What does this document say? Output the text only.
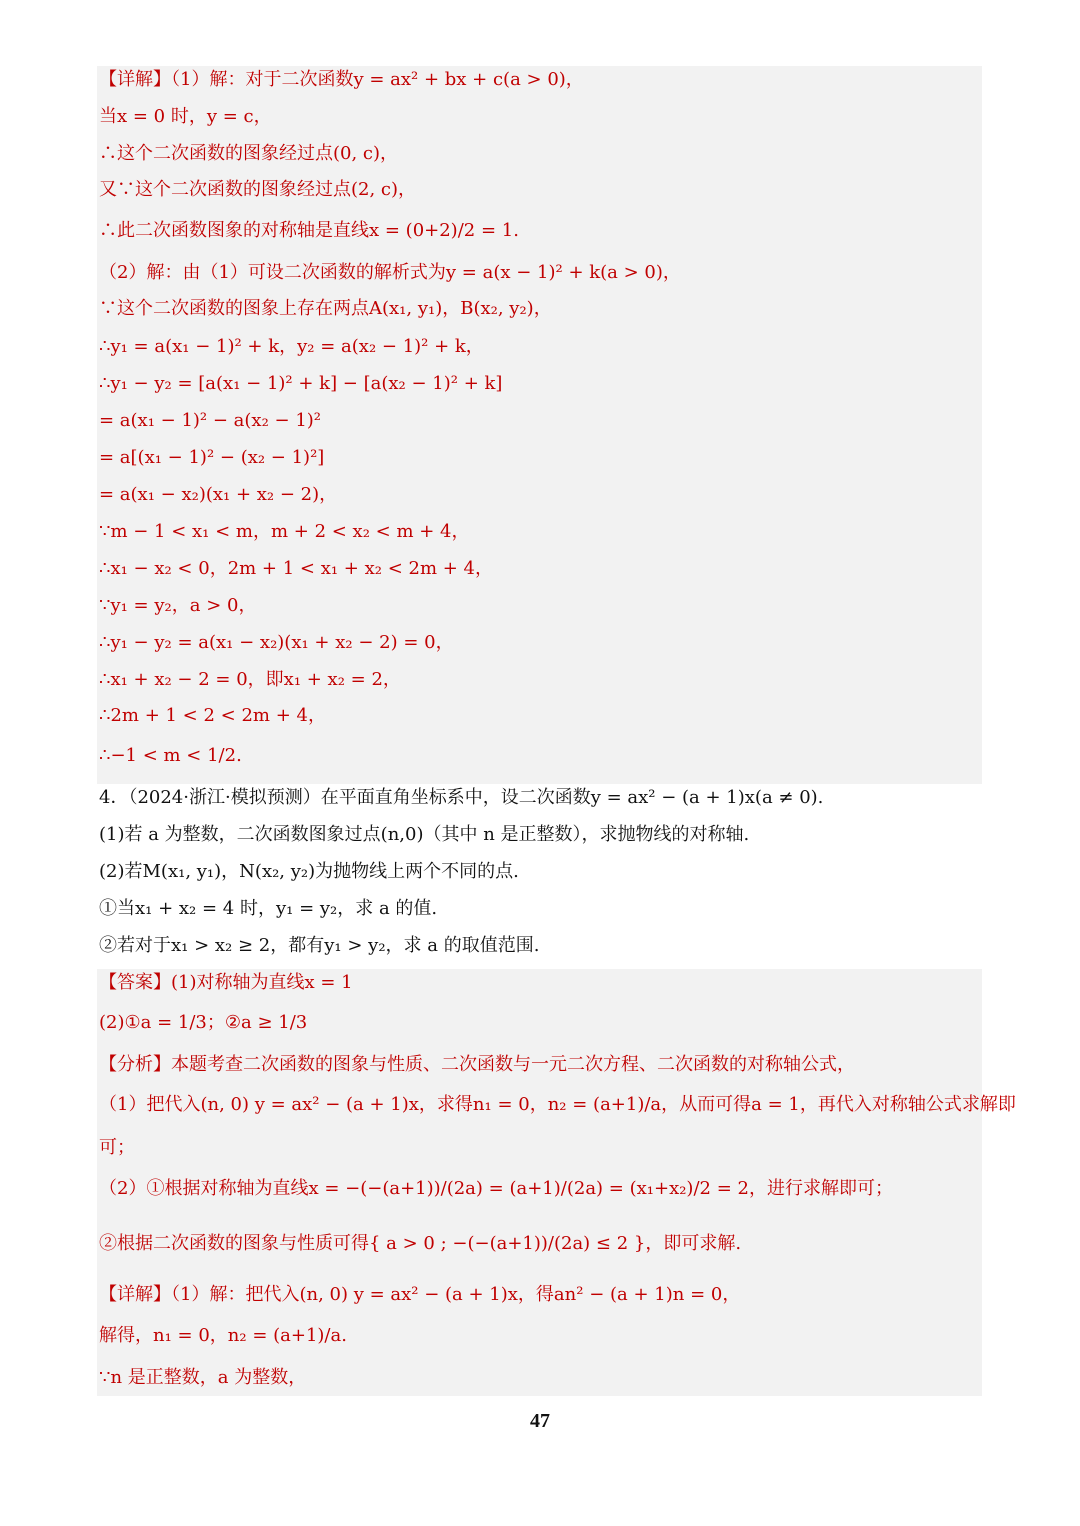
【详解】（1）解：对于二次函数y = ax² + bx + c(a > 0)，

当x = 0 时，y = c，

∴这个二次函数的图象经过点(0, c)，

又∵这个二次函数的图象经过点(2, c)，

∴此二次函数图象的对称轴是直线x = (0+2)/2 = 1.

（2）解：由（1）可设二次函数的解析式为y = a(x − 1)² + k(a > 0)，

∵这个二次函数的图象上存在两点A(x₁, y₁)，B(x₂, y₂)，

∴y₁ = a(x₁ − 1)² + k，y₂ = a(x₂ − 1)² + k，

∴y₁ − y₂ = [a(x₁ − 1)² + k] − [a(x₂ − 1)² + k]

= a(x₁ − 1)² − a(x₂ − 1)²

= a[(x₁ − 1)² − (x₂ − 1)²]

= a(x₁ − x₂)(x₁ + x₂ − 2)，

∵m − 1 < x₁ < m，m + 2 < x₂ < m + 4，

∴x₁ − x₂ < 0，2m + 1 < x₁ + x₂ < 2m + 4，

∵y₁ = y₂，a > 0，

∴y₁ − y₂ = a(x₁ − x₂)(x₁ + x₂ − 2) = 0，

∴x₁ + x₂ − 2 = 0，即x₁ + x₂ = 2，

∴2m + 1 < 2 < 2m + 4，

∴−1 < m < 1/2.

4．（2024·浙江·模拟预测）在平面直角坐标系中，设二次函数y = ax² − (a + 1)x(a ≠ 0).

(1)若 a 为整数，二次函数图象过点(n,0)（其中 n 是正整数），求抛物线的对称轴.

(2)若M(x₁, y₁)，N(x₂, y₂)为抛物线上两个不同的点.

①当x₁ + x₂ = 4 时，y₁ = y₂，求 a 的值.

②若对于x₁ > x₂ ≥ 2，都有y₁ > y₂，求 a 的取值范围.

【答案】(1)对称轴为直线x = 1

(2)①a = 1/3；②a ≥ 1/3

【分析】本题考查二次函数的图象与性质、二次函数与一元二次方程、二次函数的对称轴公式，

（1）把代入(n, 0) y = ax² − (a + 1)x，求得n₁ = 0，n₂ = (a+1)/a，从而可得a = 1，再代入对称轴公式求解即

可；

（2）①根据对称轴为直线x = −(−(a+1))/(2a) = (a+1)/(2a) = (x₁+x₂)/2 = 2，进行求解即可；

②根据二次函数的图象与性质可得{ a > 0 ; −(−(a+1))/(2a) ≤ 2 }，即可求解.

【详解】（1）解：把代入(n, 0) y = ax² − (a + 1)x，得an² − (a + 1)n = 0，

解得，n₁ = 0，n₂ = (a+1)/a.

∵n 是正整数，a 为整数，

47
